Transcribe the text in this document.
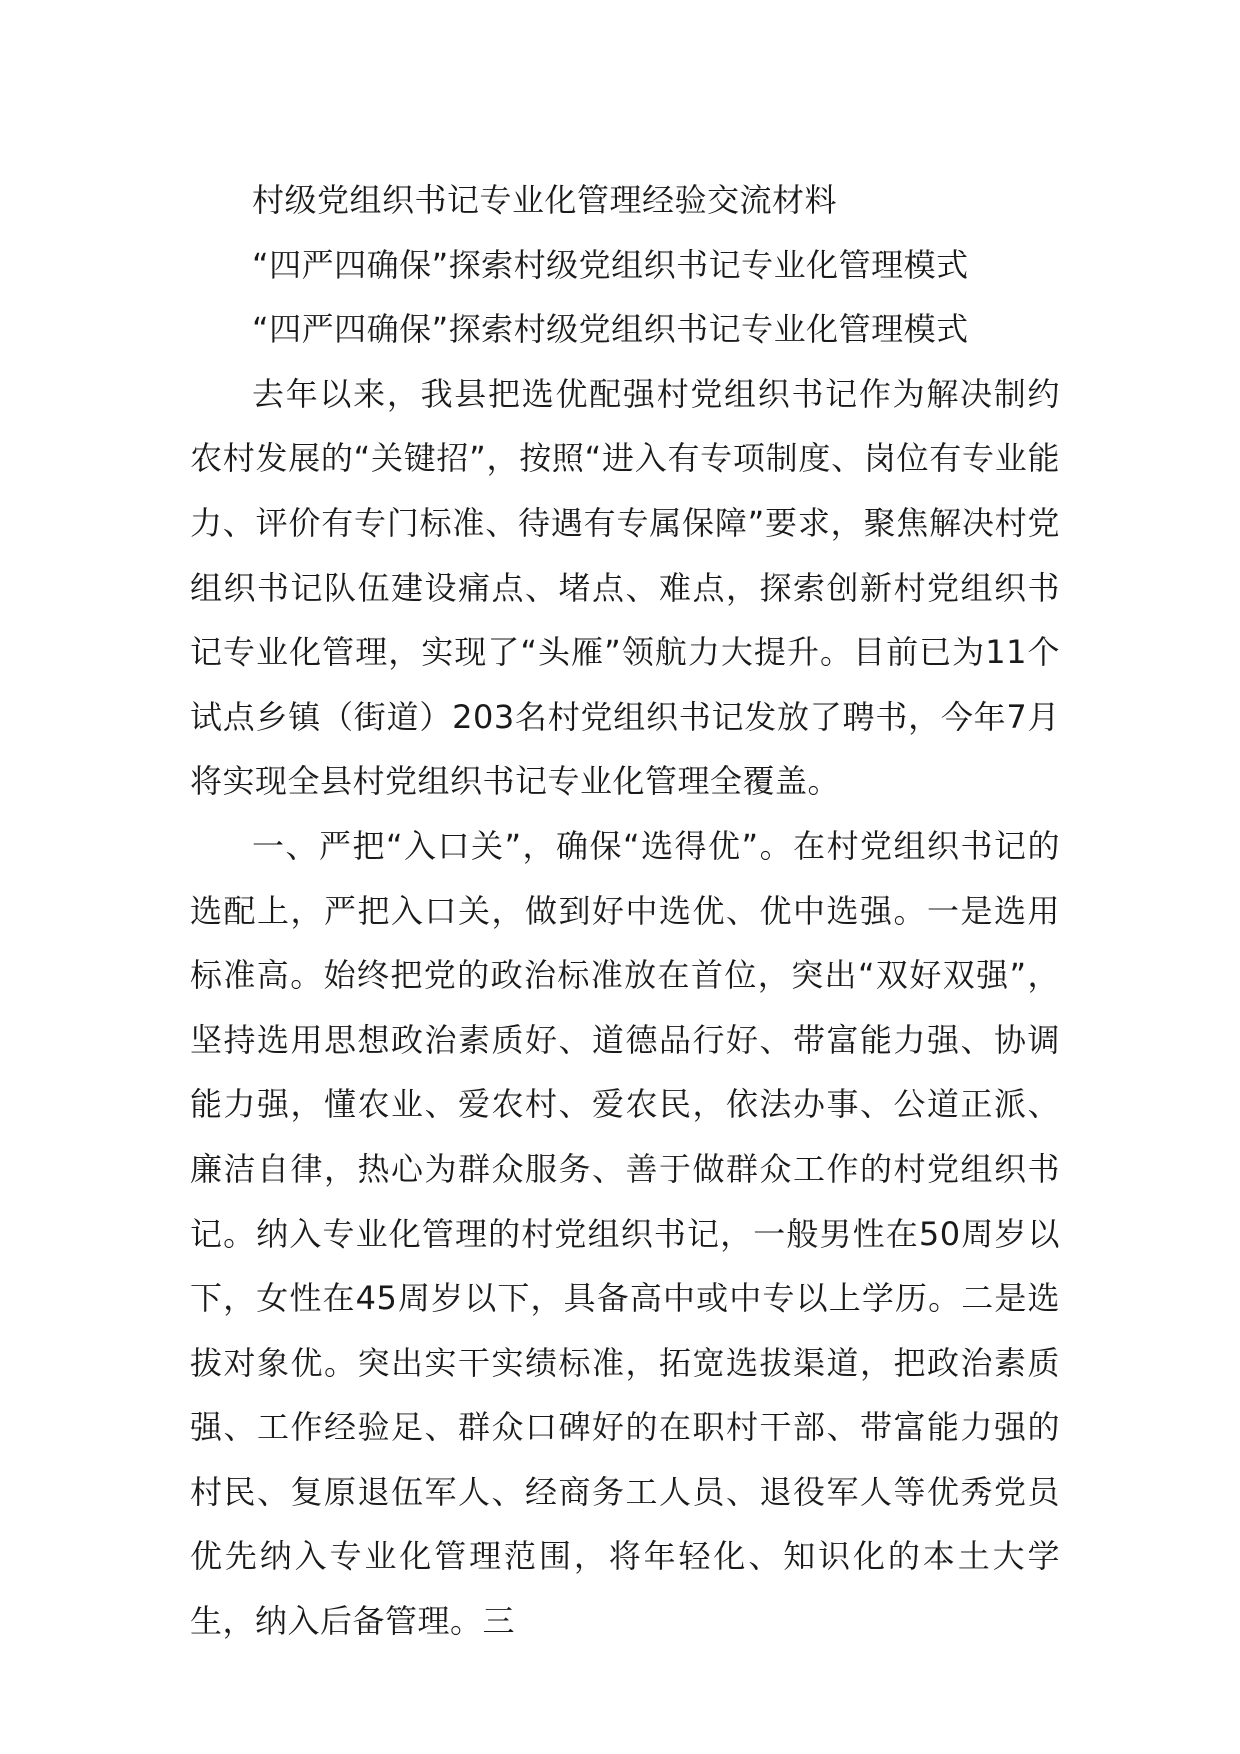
村级党组织书记专业化管理经验交流材料

“四严四确保”探索村级党组织书记专业化管理模式

“四严四确保”探索村级党组织书记专业化管理模式

去年以来，我县把选优配强村党组织书记作为解决制约农村发展的“关键招”，按照“进入有专项制度、岗位有专业能力、评价有专门标准、待遇有专属保障”要求，聚焦解决村党组织书记队伍建设痛点、堵点、难点，探索创新村党组织书记专业化管理，实现了“头雁”领航力大提升。目前已为11个试点乡镇（街道）203名村党组织书记发放了聘书，今年7月将实现全县村党组织书记专业化管理全覆盖。

一、严把“入口关”，确保“选得优”。在村党组织书记的选配上，严把入口关，做到好中选优、优中选强。一是选用标准高。始终把党的政治标准放在首位，突出“双好双强”，坚持选用思想政治素质好、道德品行好、带富能力强、协调能力强，懂农业、爱农村、爱农民，依法办事、公道正派、廉洁自律，热心为群众服务、善于做群众工作的村党组织书记。纳入专业化管理的村党组织书记，一般男性在50周岁以下，女性在45周岁以下，具备高中或中专以上学历。二是选拔对象优。突出实干实绩标准，拓宽选拔渠道，把政治素质强、工作经验足、群众口碑好的在职村干部、带富能力强的村民、复原退伍军人、经商务工人员、退役军人等优秀党员优先纳入专业化管理范围，将年轻化、知识化的本土大学生，纳入后备管理。三
